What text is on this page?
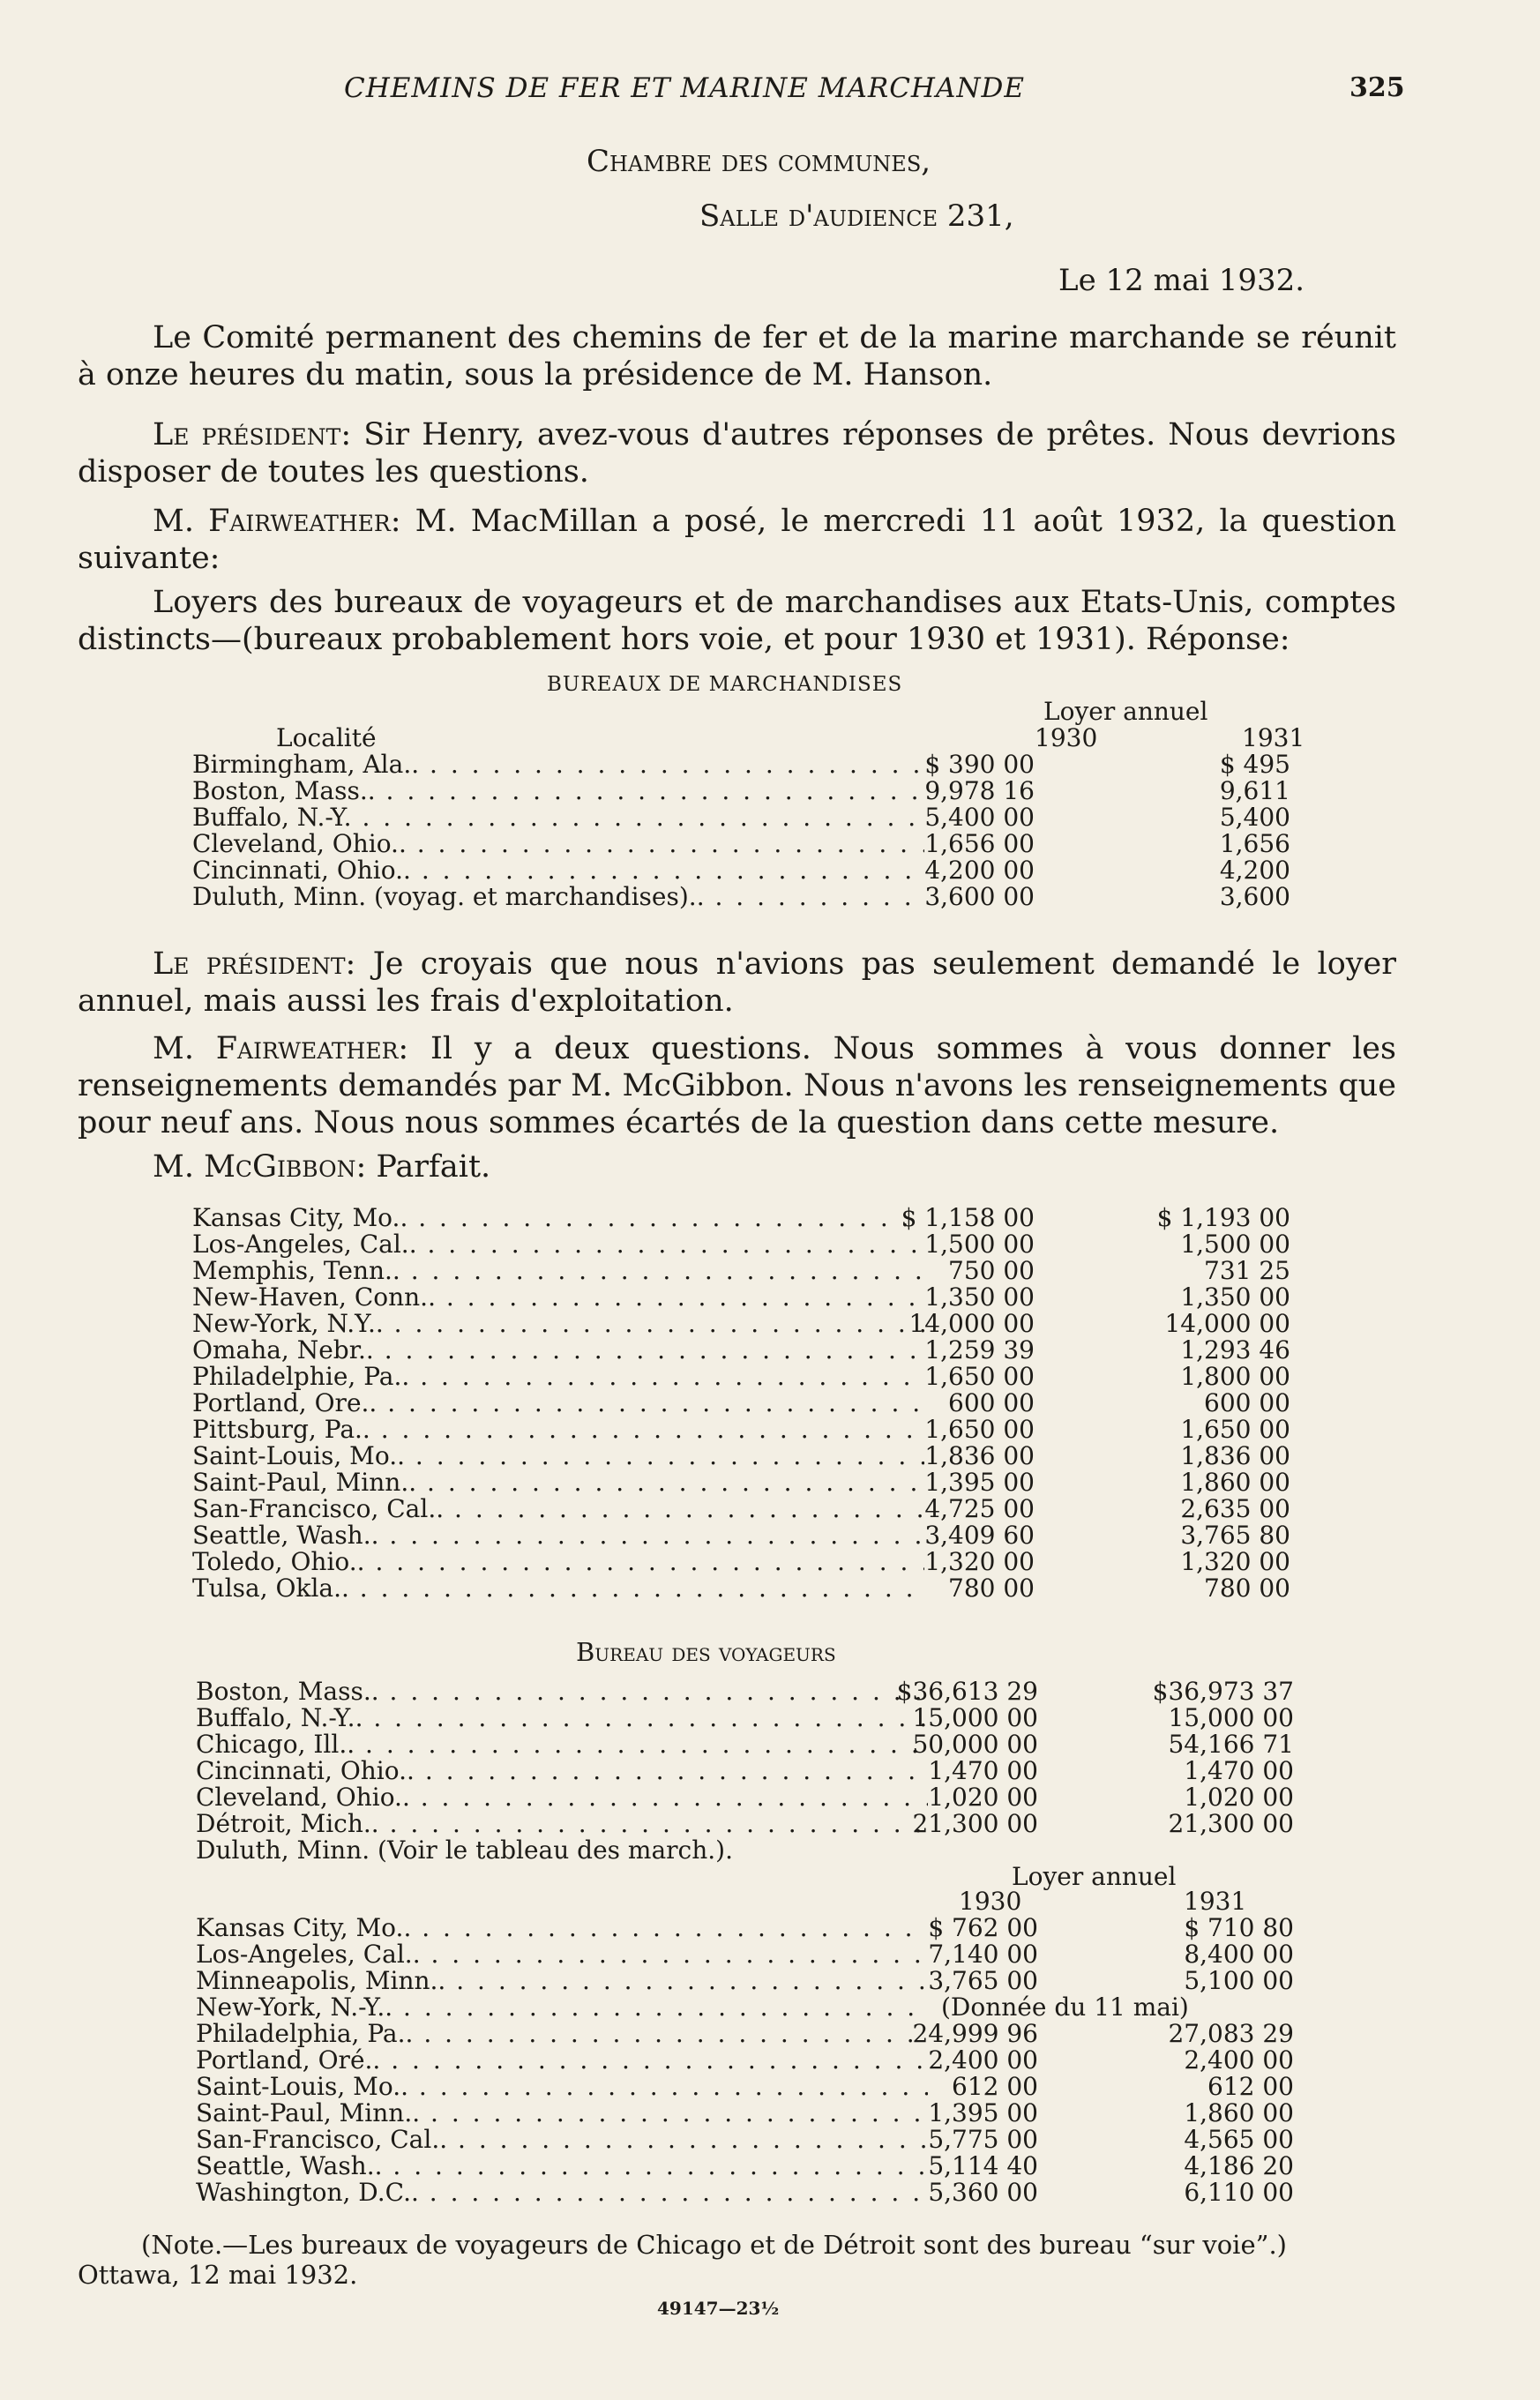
CHEMINS DE FER ET MARINE MARCHANDE	325
Chambre des communes,
Salle d'audience 231,
Le 12 mai 1932.
Le Comité permanent des chemins de fer et de la marine marchande se réunit à onze heures du matin, sous la présidence de M. Hanson.
Le président: Sir Henry, avez-vous d'autres réponses de prêtes. Nous devrions disposer de toutes les questions.
M. Fairweather: M. MacMillan a posé, le mercredi 11 août 1932, la question suivante:
Loyers des bureaux de voyageurs et de marchandises aux Etats-Unis, comptes distincts—(bureaux probablement hors voie, et pour 1930 et 1931). Réponse:
BUREAUX DE MARCHANDISES
Loyer annuel
Localité	1930	1931
Birmingham, Ala.. . . .	$ 390 00	$ 495
Boston, Mass.. . . .	9,978 16	9,611
Buffalo, N.-Y. . . .	5,400 00	5,400
Cleveland, Ohio.. . . .	1,656 00	1,656
Cincinnati, Ohio.. . . .	4,200 00	4,200
Duluth, Minn. (voyag. et marchandises).. . . .	3,600 00	3,600
Le président: Je croyais que nous n'avions pas seulement demandé le loyer annuel, mais aussi les frais d'exploitation.
M. Fairweather: Il y a deux questions. Nous sommes à vous donner les renseignements demandés par M. McGibbon. Nous n'avons les renseignements que pour neuf ans. Nous nous sommes écartés de la question dans cette mesure.
M. McGibbon: Parfait.
Kansas City, Mo.. . . .	$ 1,158 00	$ 1,193 00
Los-Angeles, Cal.. . . .	1,500 00	1,500 00
Memphis, Tenn.. . . .	750 00	731 25
New-Haven, Conn.. . . .	1,350 00	1,350 00
New-York, N.Y.. . . .	14,000 00	14,000 00
Omaha, Nebr.. . . .	1,259 39	1,293 46
Philadelphie, Pa.. . . .	1,650 00	1,800 00
Portland, Ore.. . . .	600 00	600 00
Pittsburg, Pa.. . . .	1,650 00	1,650 00
Saint-Louis, Mo.. . . .	1,836 00	1,836 00
Saint-Paul, Minn.. . . .	1,395 00	1,860 00
San-Francisco, Cal.. . . .	4,725 00	2,635 00
Seattle, Wash.. . . .	3,409 60	3,765 80
Toledo, Ohio.. . . .	1,320 00	1,320 00
Tulsa, Okla.. . . .	780 00	780 00
Bureau des voyageurs
Boston, Mass.. . . .	$36,613 29	$36,973 37
Buffalo, N.-Y.. . . .	15,000 00	15,000 00
Chicago, Ill.. . . .	50,000 00	54,166 71
Cincinnati, Ohio.. . . .	1,470 00	1,470 00
Cleveland, Ohio.. . . .	1,020 00	1,020 00
Détroit, Mich.. . . .	21,300 00	21,300 00
Duluth, Minn. (Voir le tableau des march.).
Loyer annuel
1930	1931
Kansas City, Mo.. . . .	$ 762 00	$ 710 80
Los-Angeles, Cal.. . . .	7,140 00	8,400 00
Minneapolis, Minn.. . . .	3,765 00	5,100 00
New-York, N.-Y.. . . .	(Donnée du 11 mai)
Philadelphia, Pa.. . . .	24,999 96	27,083 29
Portland, Oré.. . . .	2,400 00	2,400 00
Saint-Louis, Mo.. . . .	612 00	612 00
Saint-Paul, Minn.. . . .	1,395 00	1,860 00
San-Francisco, Cal.. . . .	5,775 00	4,565 00
Seattle, Wash.. . . .	5,114 40	4,186 20
Washington, D.C.. . . .	5,360 00	6,110 00
(Note.—Les bureaux de voyageurs de Chicago et de Détroit sont des bureau “sur voie”.)
Ottawa, 12 mai 1932.
49147—23½
